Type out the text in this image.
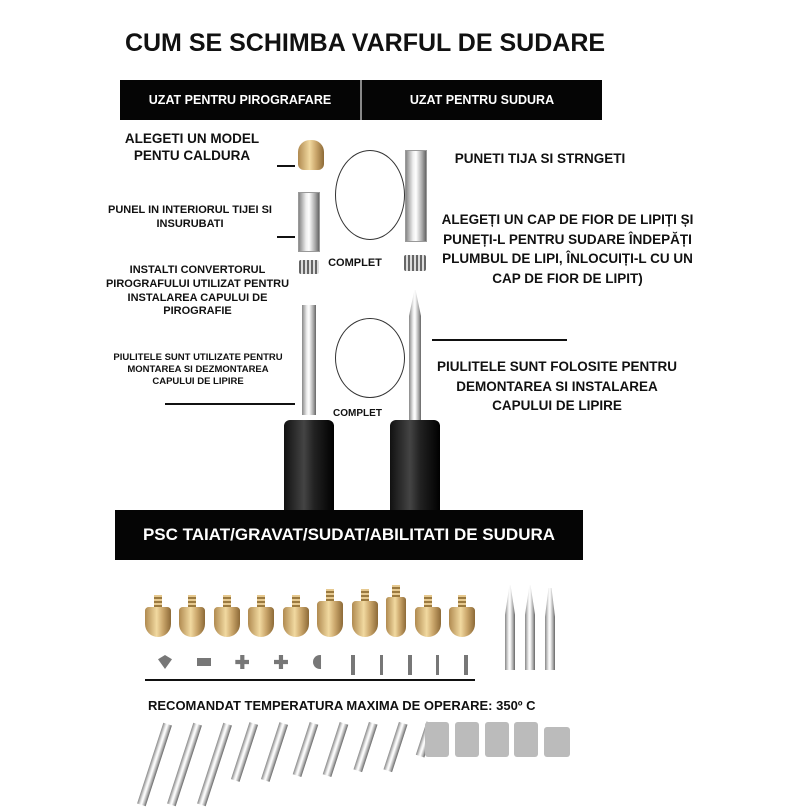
CUM SE SCHIMBA VARFUL DE SUDARE
UZAT PENTRU PIROGRAFARE	UZAT PENTRU SUDURA
ALEGETI UN MODEL PENTU CALDURA
PUNEL IN INTERIORUL TIJEI SI INSURUBATI
INSTALTI CONVERTORUL PIROGRAFULUI UTILIZAT PENTRU INSTALAREA CAPULUI DE PIROGRAFIE
PIULITELE SUNT UTILIZATE PENTRU MONTAREA SI DEZMONTAREA CAPULUI DE LIPIRE
COMPLET
COMPLET
PUNETI TIJA SI STRNGETI
ALEGEȚI UN CAP DE FIOR DE LIPIȚI ȘI PUNEȚI-L PENTRU SUDARE ÎNDEPĂȚI PLUMBUL DE LIPI, ÎNLOCUIȚI-L CU UN CAP DE FIOR DE LIPIT)
PIULITELE SUNT FOLOSITE PENTRU DEMONTAREA SI INSTALAREA CAPULUI DE LIPIRE
PSC TAIAT/GRAVAT/SUDAT/ABILITATI DE SUDURA
RECOMANDAT TEMPERATURA MAXIMA DE OPERARE: 350º C
